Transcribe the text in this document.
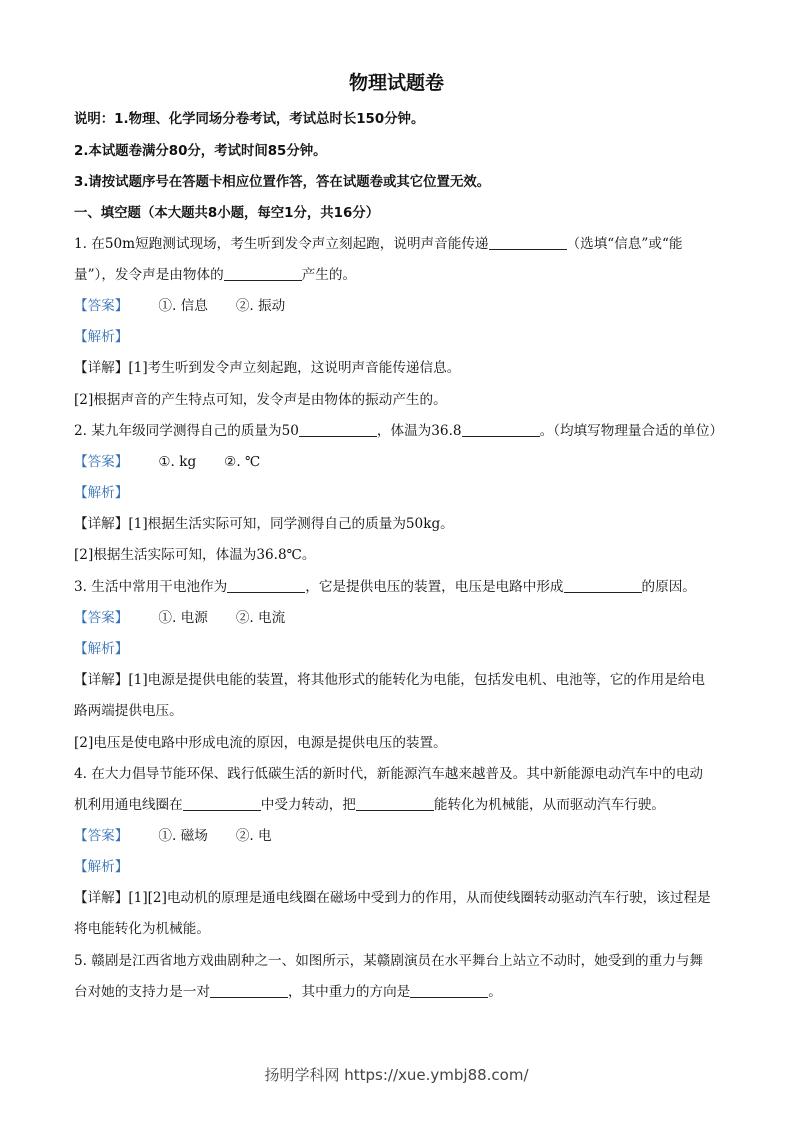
物理试题卷
说明：1.物理、化学同场分卷考试，考试总时长150分钟。
2.本试题卷满分80分，考试时间85分钟。
3.请按试题序号在答题卡相应位置作答，答在试题卷或其它位置无效。
一、填空题（本大题共8小题，每空1分，共16分）
1. 在50m短跑测试现场，考生听到发令声立刻起跑，说明声音能传递	（选填“信息”或“能
量”），发令声是由物体的	产生的。
【答案】 ①. 信息 ②. 振动
【解析】
【详解】[1]考生听到发令声立刻起跑，这说明声音能传递信息。
[2]根据声音的产生特点可知，发令声是由物体的振动产生的。
2. 某九年级同学测得自己的质量为50	，体温为36.8	。（均填写物理量合适的单位）
【答案】 ①. kg ②. ℃
【解析】
【详解】[1]根据生活实际可知，同学测得自己的质量为50kg。
[2]根据生活实际可知，体温为36.8℃。
3. 生活中常用干电池作为	，它是提供电压的装置，电压是电路中形成	的原因。
【答案】 ①. 电源 ②. 电流
【解析】
【详解】[1]电源是提供电能的装置，将其他形式的能转化为电能，包括发电机、电池等，它的作用是给电
路两端提供电压。
[2]电压是使电路中形成电流的原因，电源是提供电压的装置。
4. 在大力倡导节能环保、践行低碳生活的新时代，新能源汽车越来越普及。其中新能源电动汽车中的电动
机利用通电线圈在	中受力转动，把	能转化为机械能，从而驱动汽车行驶。
【答案】 ①. 磁场 ②. 电
【解析】
【详解】[1][2]电动机的原理是通电线圈在磁场中受到力的作用，从而使线圈转动驱动汽车行驶，该过程是
将电能转化为机械能。
5. 赣剧是江西省地方戏曲剧种之一、如图所示，某赣剧演员在水平舞台上站立不动时，她受到的重力与舞
台对她的支持力是一对	，其中重力的方向是	。
扬明学科网 https://xue.ymbj88.com/
